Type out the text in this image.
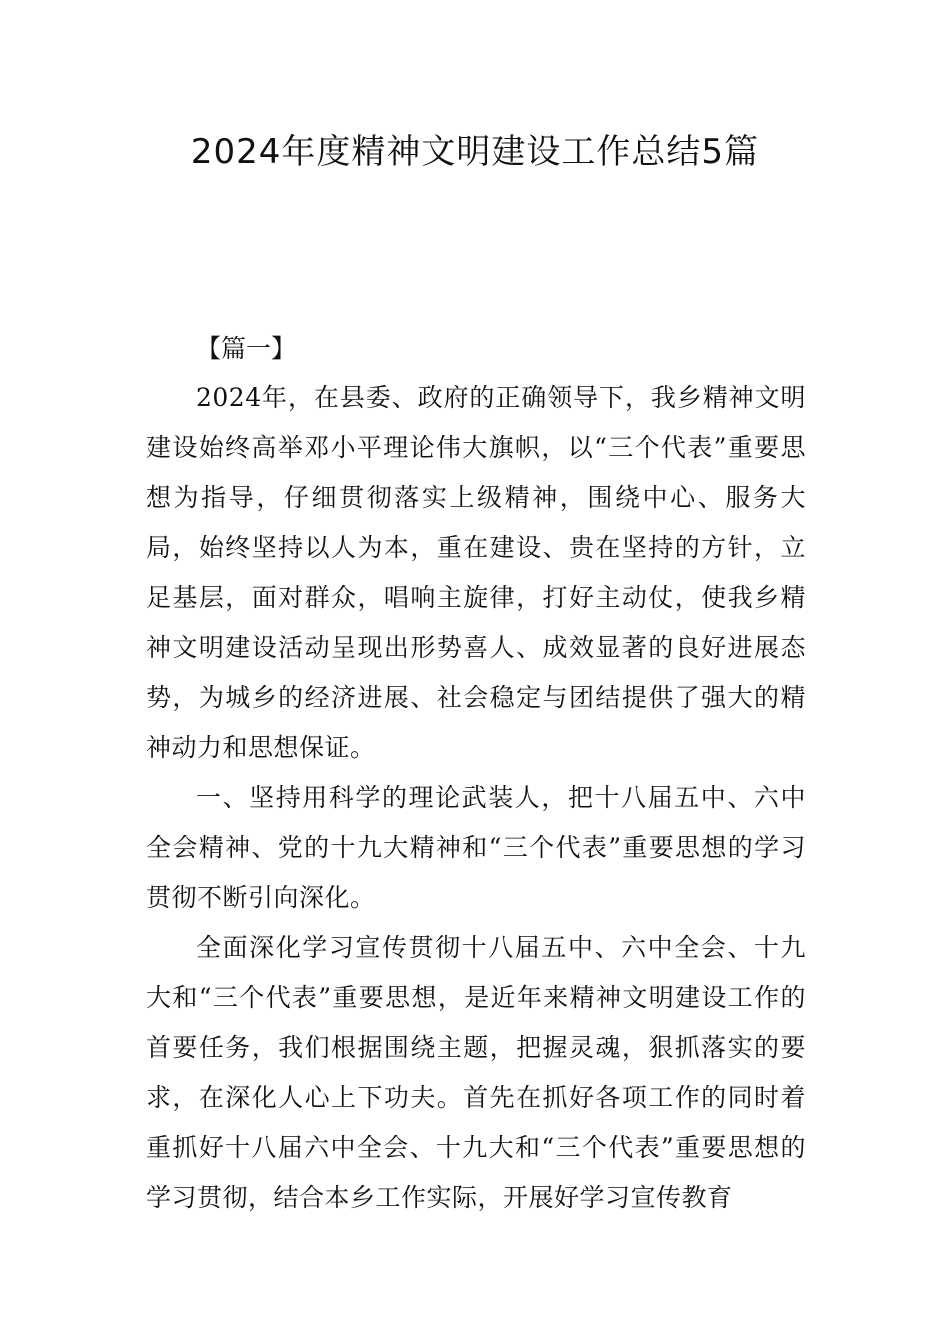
2024年度精神文明建设工作总结5篇

【篇一】

2024年，在县委、政府的正确领导下，我乡精神文明建设始终高举邓小平理论伟大旗帜，以“三个代表”重要思想为指导，仔细贯彻落实上级精神，围绕中心、服务大局，始终坚持以人为本，重在建设、贵在坚持的方针，立足基层，面对群众，唱响主旋律，打好主动仗，使我乡精神文明建设活动呈现出形势喜人、成效显著的良好进展态势，为城乡的经济进展、社会稳定与团结提供了强大的精神动力和思想保证。

一、坚持用科学的理论武装人，把十八届五中、六中全会精神、党的十九大精神和“三个代表”重要思想的学习贯彻不断引向深化。

全面深化学习宣传贯彻十八届五中、六中全会、十九大和“三个代表”重要思想，是近年来精神文明建设工作的首要任务，我们根据围绕主题，把握灵魂，狠抓落实的要求，在深化人心上下功夫。首先在抓好各项工作的同时着重抓好十八届六中全会、十九大和“三个代表”重要思想的学习贯彻，结合本乡工作实际，开展好学习宣传教育
